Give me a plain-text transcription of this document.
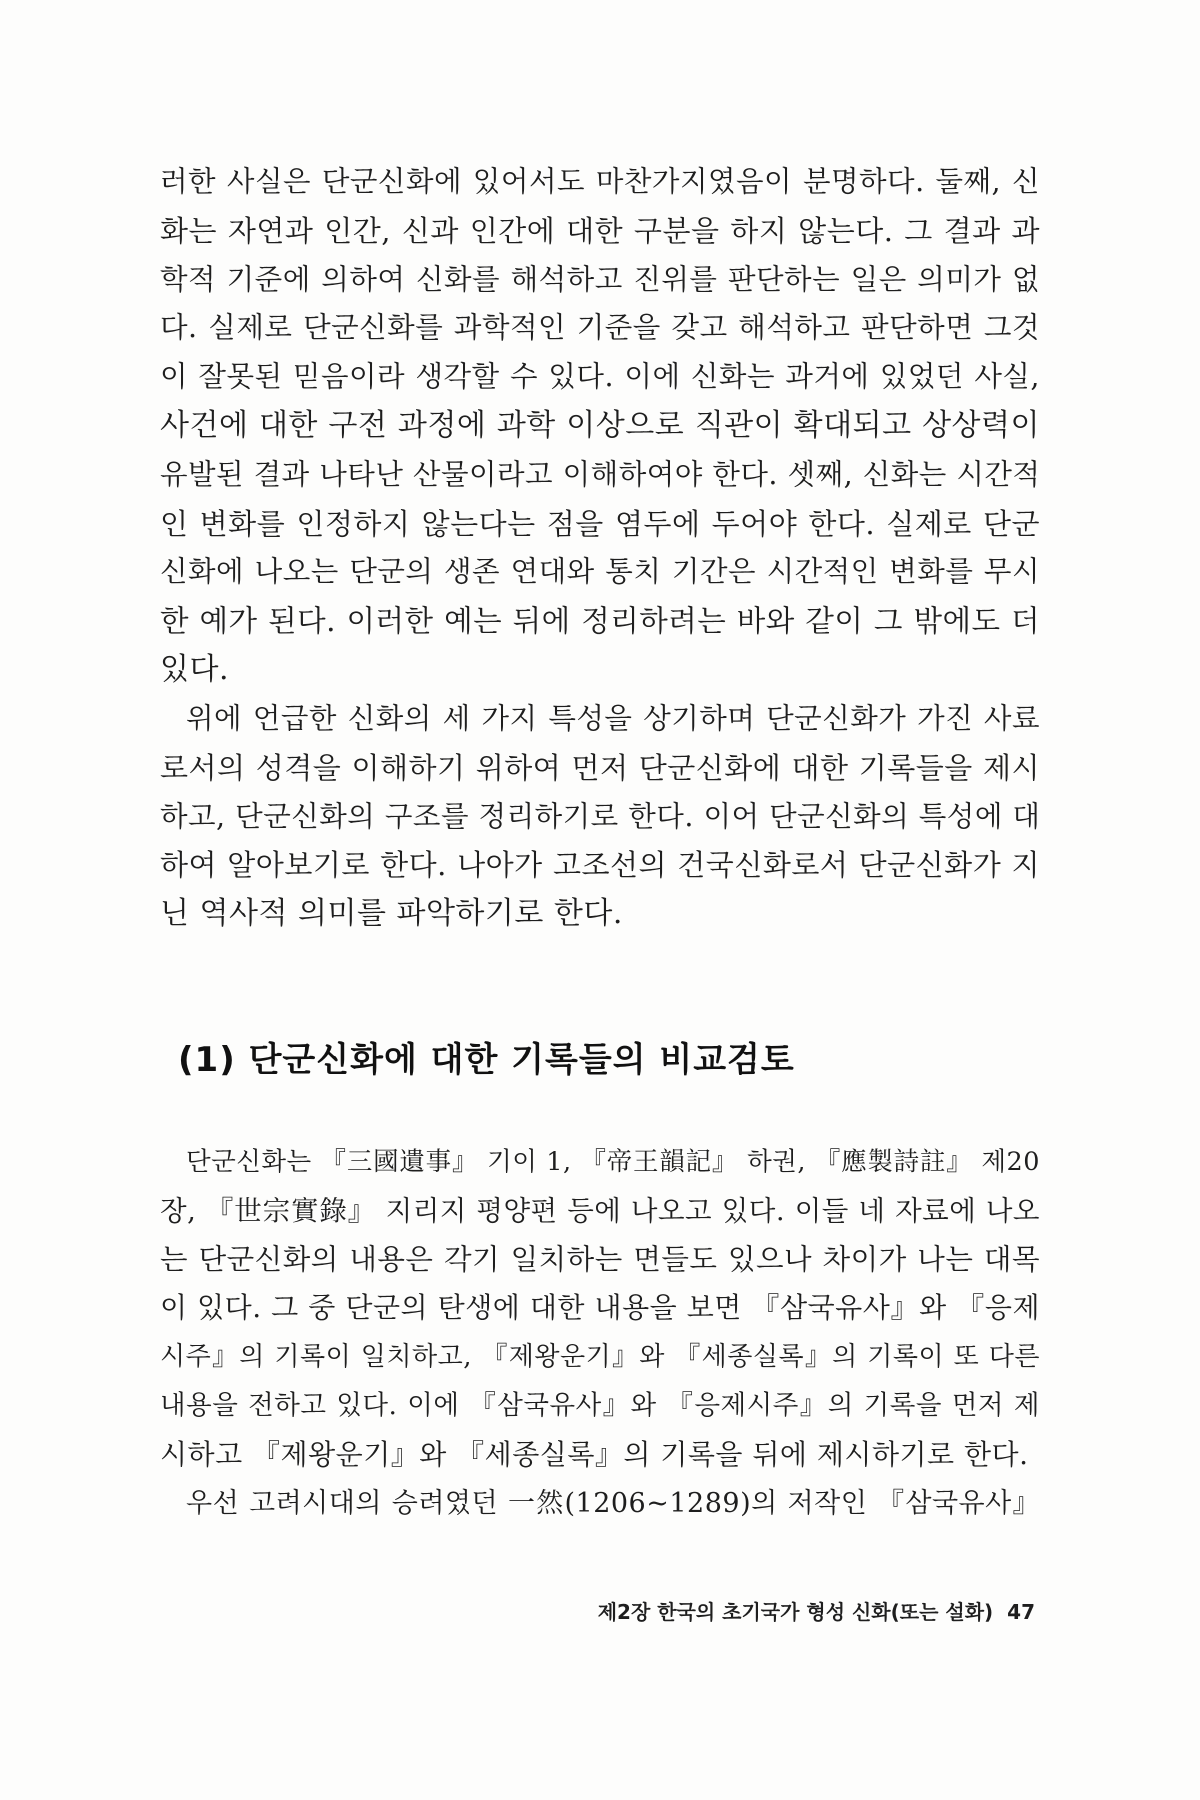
러한 사실은 단군신화에 있어서도 마찬가지였음이 분명하다. 둘째, 신
화는 자연과 인간, 신과 인간에 대한 구분을 하지 않는다. 그 결과 과
학적 기준에 의하여 신화를 해석하고 진위를 판단하는 일은 의미가 없
다. 실제로 단군신화를 과학적인 기준을 갖고 해석하고 판단하면 그것
이 잘못된 믿음이라 생각할 수 있다. 이에 신화는 과거에 있었던 사실,
사건에 대한 구전 과정에 과학 이상으로 직관이 확대되고 상상력이
유발된 결과 나타난 산물이라고 이해하여야 한다. 셋째, 신화는 시간적
인 변화를 인정하지 않는다는 점을 염두에 두어야 한다. 실제로 단군
신화에 나오는 단군의 생존 연대와 통치 기간은 시간적인 변화를 무시
한 예가 된다. 이러한 예는 뒤에 정리하려는 바와 같이 그 밖에도 더
있다.
위에 언급한 신화의 세 가지 특성을 상기하며 단군신화가 가진 사료
로서의 성격을 이해하기 위하여 먼저 단군신화에 대한 기록들을 제시
하고, 단군신화의 구조를 정리하기로 한다. 이어 단군신화의 특성에 대
하여 알아보기로 한다. 나아가 고조선의 건국신화로서 단군신화가 지
닌 역사적 의미를 파악하기로 한다.
(1) 단군신화에 대한 기록들의 비교검토
단군신화는 『三國遺事』 기이 1, 『帝王韻記』 하권, 『應製詩註』 제20
장, 『世宗實錄』 지리지 평양편 등에 나오고 있다. 이들 네 자료에 나오
는 단군신화의 내용은 각기 일치하는 면들도 있으나 차이가 나는 대목
이 있다. 그 중 단군의 탄생에 대한 내용을 보면 『삼국유사』와 『응제
시주』의 기록이 일치하고, 『제왕운기』와 『세종실록』의 기록이 또 다른
내용을 전하고 있다. 이에 『삼국유사』와 『응제시주』의 기록을 먼저 제
시하고 『제왕운기』와 『세종실록』의 기록을 뒤에 제시하기로 한다.
우선 고려시대의 승려였던 一然(1206~1289)의 저작인 『삼국유사』
제2장 한국의 초기국가 형성 신화(또는 설화) 47
